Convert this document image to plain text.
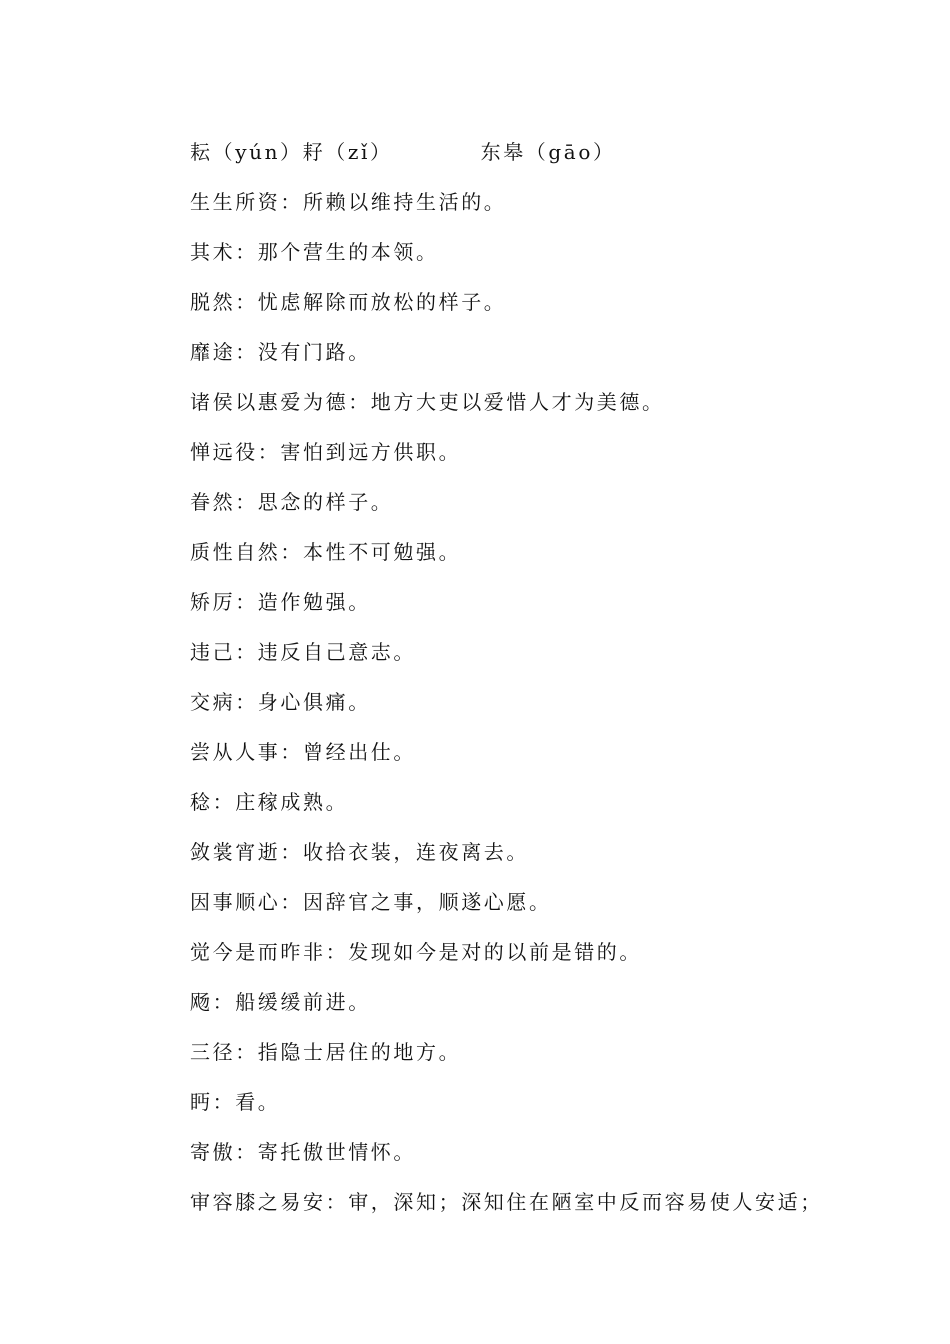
耘（yún）耔（zǐ）	东皋（gāo）
生生所资：所赖以维持生活的。
其术：那个营生的本领。
脱然：忧虑解除而放松的样子。
靡途：没有门路。
诸侯以惠爱为德：地方大吏以爱惜人才为美德。
惮远役：害怕到远方供职。
眷然：思念的样子。
质性自然：本性不可勉强。
矫厉：造作勉强。
违己：违反自己意志。
交病：身心俱痛。
尝从人事：曾经出仕。
稔：庄稼成熟。
敛裳宵逝：收拾衣装，连夜离去。
因事顺心：因辞官之事，顺遂心愿。
觉今是而昨非：发现如今是对的以前是错的。
飏：船缓缓前进。
三径：指隐士居住的地方。
眄：看。
寄傲：寄托傲世情怀。
审容膝之易安：审，深知；深知住在陋室中反而容易使人安适；
